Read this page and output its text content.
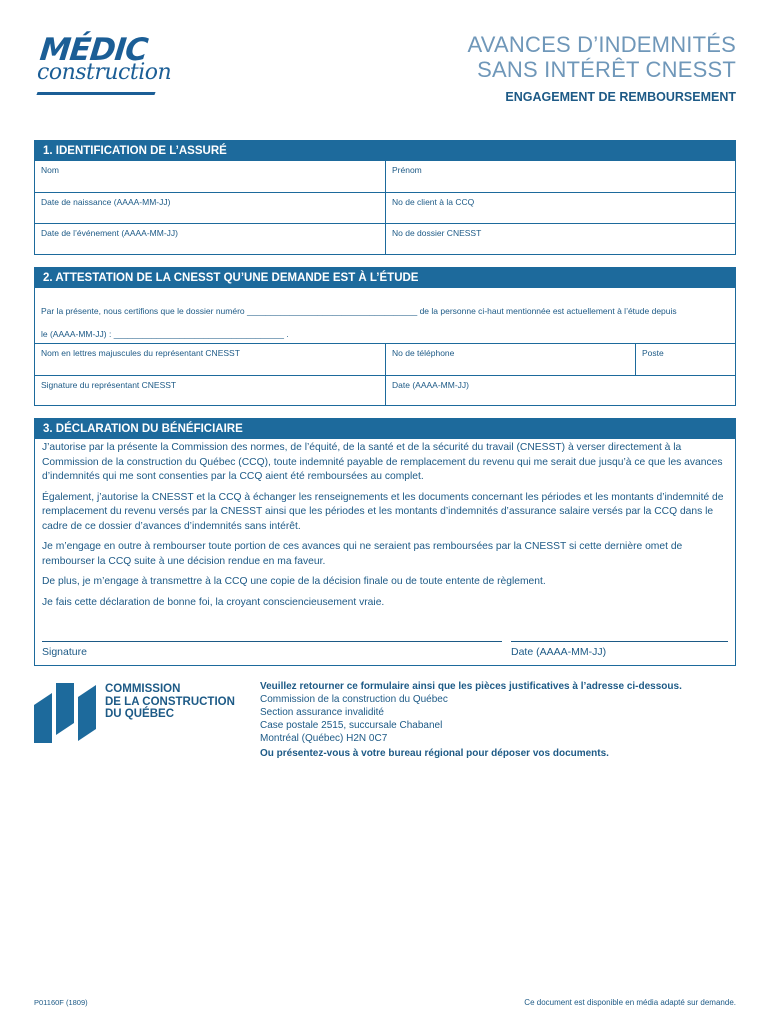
MÉDIC
construction
AVANCES D’INDEMNITÉS
SANS INTÉRÊT CNESST
ENGAGEMENT DE REMBOURSEMENT
1. IDENTIFICATION DE L’ASSURÉ
Nom	Prénom
Date de naissance (AAAA-MM-JJ)	No de client à la CCQ
Date de l’événement (AAAA-MM-JJ)	No de dossier CNESST
2. ATTESTATION DE LA CNESST QU’UNE DEMANDE EST À L’ÉTUDE
Par la présente, nous certifions que le dossier numéro ____________________________________ de la personne ci-haut mentionnée est actuellement à l’étude depuis
le (AAAA-MM-JJ) : ____________________________________ .
Nom en lettres majuscules du représentant CNESST	No de téléphone	Poste
Signature du représentant CNESST	Date (AAAA-MM-JJ)
3. DÉCLARATION DU BÉNÉFICIAIRE

J’autorise par la présente la Commission des normes, de l’équité, de la santé et de la sécurité du travail (CNESST) à verser directement à la Commission de la construction du Québec (CCQ), toute indemnité payable de remplacement du revenu qui me serait due jusqu’à ce que les avances d’indemnités qui me sont consenties par la CCQ aient été remboursées au complet.

Également, j’autorise la CNESST et la CCQ à échanger les renseignements et les documents concernant les périodes et les montants d’indemnité de remplacement du revenu versés par la CNESST ainsi que les périodes et les montants d’indemnités d’assurance salaire versés par la CCQ dans le cadre de ce dossier d’avances d’indemnités sans intérêt.

Je m’engage en outre à rembourser toute portion de ces avances qui ne seraient pas remboursées par la CNESST si cette dernière omet de rembourser la CCQ suite à une décision rendue en ma faveur.

De plus, je m’engage à transmettre à la CCQ une copie de la décision finale ou de toute entente de règlement.

Je fais cette déclaration de bonne foi, la croyant consciencieusement vraie.

Signature	Date (AAAA-MM-JJ)
COMMISSION
DE LA CONSTRUCTION
DU QUÉBEC
Veuillez retourner ce formulaire ainsi que les pièces justificatives à l’adresse ci-dessous.
Commission de la construction du Québec
Section assurance invalidité
Case postale 2515, succursale Chabanel
Montréal (Québec) H2N 0C7
Ou présentez-vous à votre bureau régional pour déposer vos documents.
P01160F (1809)	Ce document est disponible en média adapté sur demande.
